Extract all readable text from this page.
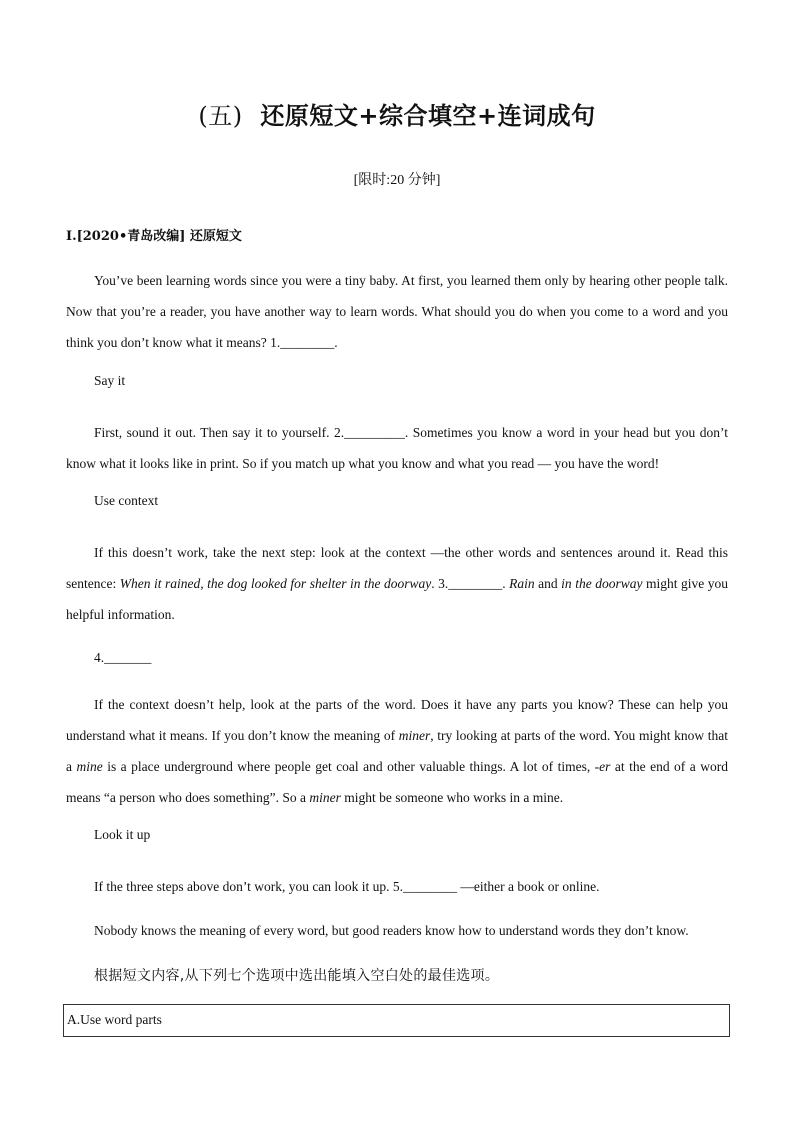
(五) 还原短文+综合填空+连词成句
[限时:20 分钟]
Ⅰ.[2020•青岛改编] 还原短文

You’ve been learning words since you were a tiny baby. At first, you learned them only by hearing other people talk. Now that you’re a reader, you have another way to learn words. What should you do when you come to a word and you think you don’t know what it means? 1.________.

Say it

First, sound it out. Then say it to yourself. 2._________. Sometimes you know a word in your head but you don’t know what it looks like in print. So if you match up what you know and what you read — you have the word!

Use context

If this doesn’t work, take the next step: look at the context —the other words and sentences around it. Read this sentence: When it rained, the dog looked for shelter in the doorway. 3.________. Rain and in the doorway might give you helpful information.

4._______

If the context doesn’t help, look at the parts of the word. Does it have any parts you know? These can help you understand what it means. If you don’t know the meaning of miner, try looking at parts of the word. You might know that a mine is a place underground where people get coal and other valuable things. A lot of times, -er at the end of a word means “a person who does something”. So a miner might be someone who works in a mine.

Look it up

If the three steps above don’t work, you can look it up. 5.________ —either a book or online.

Nobody knows the meaning of every word, but good readers know how to understand words they don’t know.

根据短文内容,从下列七个选项中选出能填入空白处的最佳选项。
A.Use word parts
